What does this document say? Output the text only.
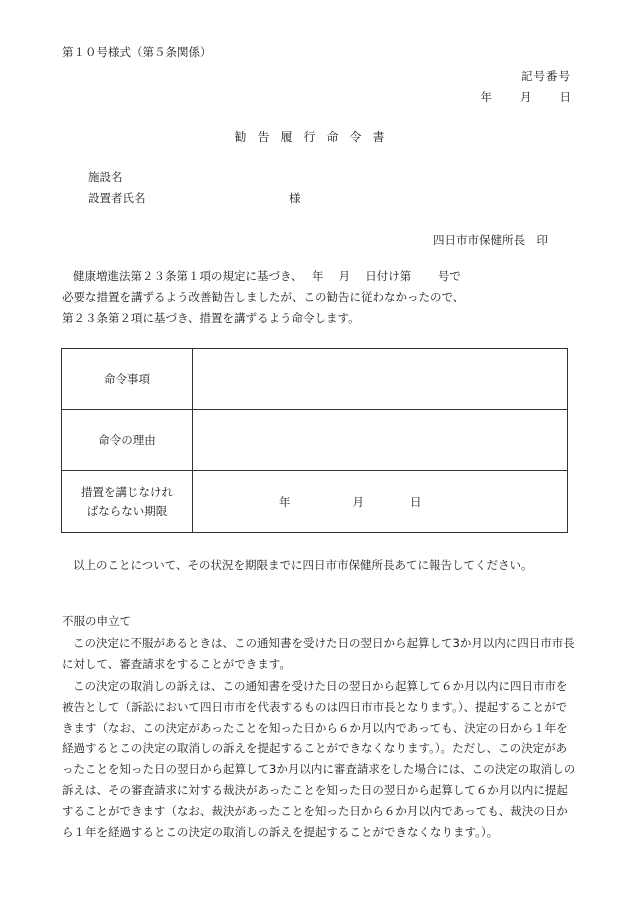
第１０号様式（第５条関係）
記号番号
年 月 日
勧告履行命令書
施設名
設置者氏名	様
四日市市保健所長　印
健康増進法第２３条第１項の規定に基づき、　 年　 月　 日付け第　　 号で
必要な措置を講ずるよう改善勧告しましたが、この勧告に従わなかったので、
第２３条第２項に基づき、措置を講ずるよう命令します。
命令事項	
命令の理由	
措置を講じなけれ
ばならない期限	年 月 日
以上のことについて、その状況を期限までに四日市市保健所長あてに報告してください。
不服の申立て
この決定に不服があるときは、この通知書を受けた日の翌日から起算して3か月以内に四日市市長に対して、審査請求をすることができます。
この決定の取消しの訴えは、この通知書を受けた日の翌日から起算して６か月以内に四日市市を被告として（訴訟において四日市市を代表するものは四日市市長となります。）、提起することができます（なお、この決定があったことを知った日から６か月以内であっても、決定の日から１年を経過するとこの決定の取消しの訴えを提起することができなくなります。）。ただし、この決定があったことを知った日の翌日から起算して3か月以内に審査請求をした場合には、この決定の取消しの訴えは、その審査請求に対する裁決があったことを知った日の翌日から起算して６か月以内に提起することができます（なお、裁決があったことを知った日から６か月以内であっても、裁決の日から１年を経過するとこの決定の取消しの訴えを提起することができなくなります。）。
